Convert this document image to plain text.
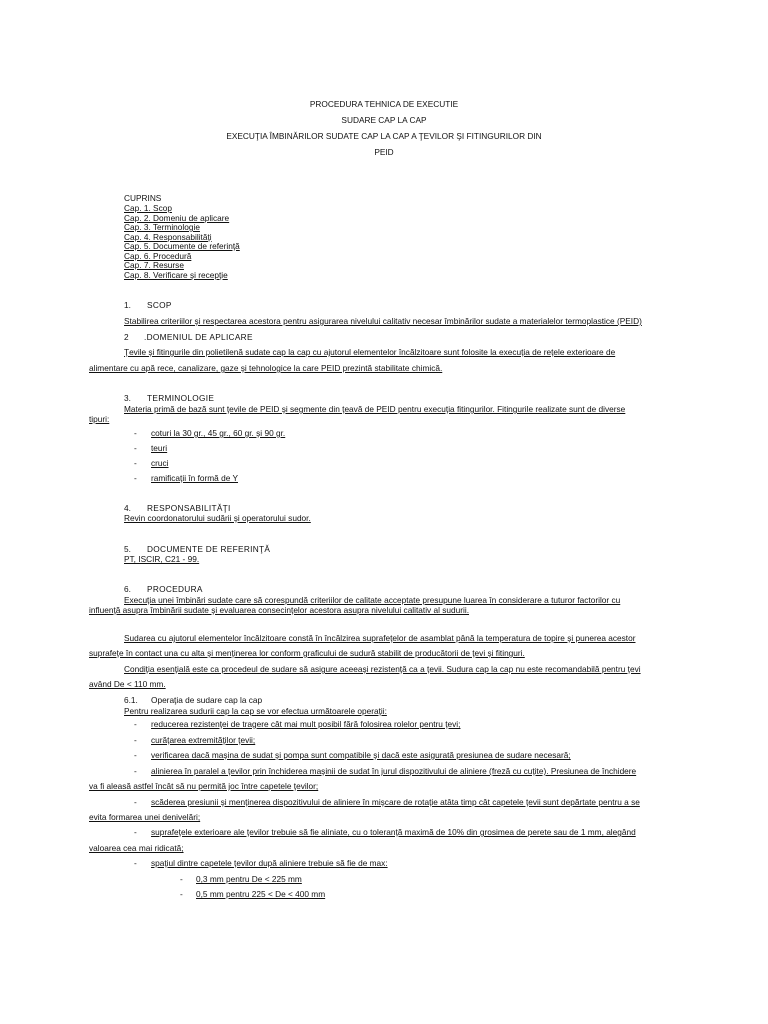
PROCEDURA TEHNICA DE EXECUTIE
SUDARE CAP LA CAP
EXECUŢIA ÎMBINĂRILOR SUDATE CAP LA CAP A ŢEVILOR ŞI FITINGURILOR DIN
PEID
CUPRINS
Cap. 1. Scop
Cap. 2. Domeniu de aplicare
Cap. 3. Terminologie
Cap. 4. Responsabilităţi
Cap. 5. Documente de referinţă
Cap. 6. Procedură
Cap. 7. Resurse
Cap. 8. Verificare şi recepţie
1. SCOP
Stabilirea criteriilor şi respectarea acestora pentru asigurarea nivelului calitativ necesar îmbinărilor sudate a materialelor termoplastice (PEID)
2 .DOMENIUL DE APLICARE
Ţevile şi fitingurile din polietilenă sudate cap la cap cu ajutorul elementelor încălzitoare sunt folosite la execuţia de reţele exterioare de
alimentare cu apă rece, canalizare, gaze şi tehnologice la care PEID prezintă stabilitate chimică.
3. TERMINOLOGIE
Materia primă de bază sunt ţevile de PEID şi segmente din ţeavă de PEID pentru execuţia fitingurilor. Fitingurile realizate sunt de diverse
tipuri:
- coturi la 30 gr., 45 gr., 60 gr. şi 90 gr.
- teuri
- cruci
- ramificaţii în formă de Y
4. RESPONSABILITĂŢI
Revin coordonatorului sudării şi operatorului sudor.
5. DOCUMENTE DE REFERINŢĂ
PT, ISCIR, C21 - 99.
6. PROCEDURA
Execuţia unei îmbinări sudate care să corespundă criteriilor de calitate acceptate presupune luarea în considerare a tuturor factorilor cu
influenţă asupra îmbinării sudate şi evaluarea consecinţelor acestora asupra nivelului calitativ al sudurii.
Sudarea cu ajutorul elementelor încălzitoare constă în încălzirea suprafeţelor de asamblat până la temperatura de topire şi punerea acestor
suprafeţe în contact una cu alta şi menţinerea lor conform graficului de sudură stabilit de producătorii de ţevi şi fitinguri.
Condiţia esenţială este ca procedeul de sudare să asigure aceeaşi rezistenţă ca a ţevii. Sudura cap la cap nu este recomandabilă pentru ţevi
având De < 110 mm.
6.1. Operaţia de sudare cap la cap
Pentru realizarea sudurii cap la cap se vor efectua următoarele operaţii:
- reducerea rezistenţei de tragere cât mai mult posibil fără folosirea rolelor pentru ţevi;
- curăţarea extremităţilor ţevii;
- verificarea dacă maşina de sudat şi pompa sunt compatibile şi dacă este asigurată presiunea de sudare necesară;
- alinierea în paralel a ţevilor prin închiderea maşinii de sudat în jurul dispozitivului de aliniere (freză cu cuţite). Presiunea de închidere
va fi aleasă astfel încât să nu permită joc între capetele ţevilor;
- scăderea presiunii şi menţinerea dispozitivului de aliniere în mişcare de rotaţie atâta timp cât capetele ţevii sunt depărtate pentru a se
evita formarea unei denivelări;
- suprafeţele exterioare ale ţevilor trebuie să fie aliniate, cu o toleranţă maximă de 10% din grosimea de perete sau de 1 mm, alegând
valoarea cea mai ridicată;
- spaţiul dintre capetele ţevilor după aliniere trebuie să fie de max:
- 0,3 mm pentru De < 225 mm
- 0,5 mm pentru 225 < De < 400 mm
